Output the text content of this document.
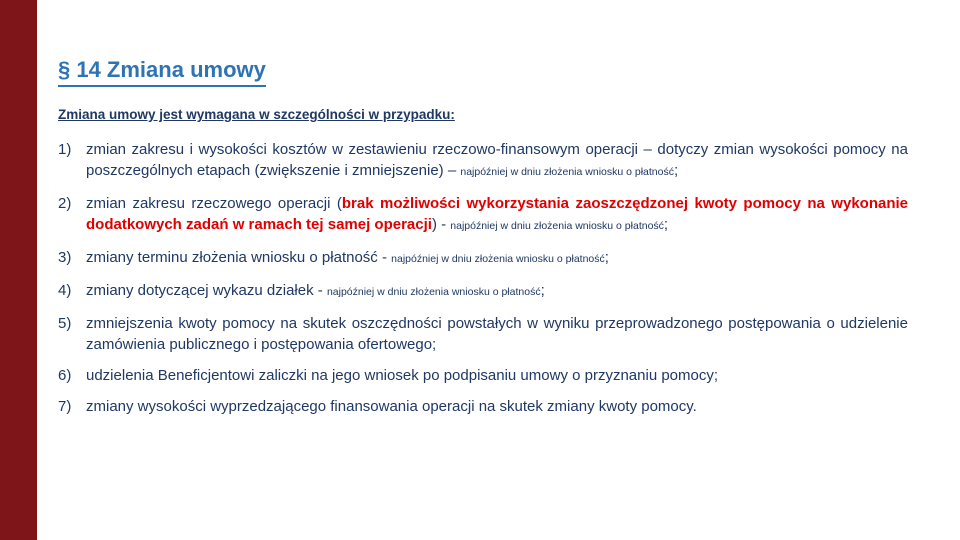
§ 14 Zmiana umowy
Zmiana umowy jest wymagana w szczególności w przypadku:
1) zmian zakresu i wysokości kosztów w zestawieniu rzeczowo-finansowym operacji – dotyczy zmian wysokości pomocy na poszczególnych etapach (zwiększenie i zmniejszenie) – najpóźniej w dniu złożenia wniosku o płatność;
2) zmian zakresu rzeczowego operacji (brak możliwości wykorzystania zaoszczędzonej kwoty pomocy na wykonanie dodatkowych zadań w ramach tej samej operacji) - najpóźniej w dniu złożenia wniosku o płatność;
3) zmiany terminu złożenia wniosku o płatność - najpóźniej w dniu złożenia wniosku o płatność;
4) zmiany dotyczącej wykazu działek - najpóźniej w dniu złożenia wniosku o płatność;
5) zmniejszenia kwoty pomocy na skutek oszczędności powstałych w wyniku przeprowadzonego postępowania o udzielenie zamówienia publicznego i postępowania ofertowego;
6) udzielenia Beneficjentowi zaliczki na jego wniosek po podpisaniu umowy o przyznaniu pomocy;
7) zmiany wysokości wyprzedzającego finansowania operacji na skutek zmiany kwoty pomocy.
